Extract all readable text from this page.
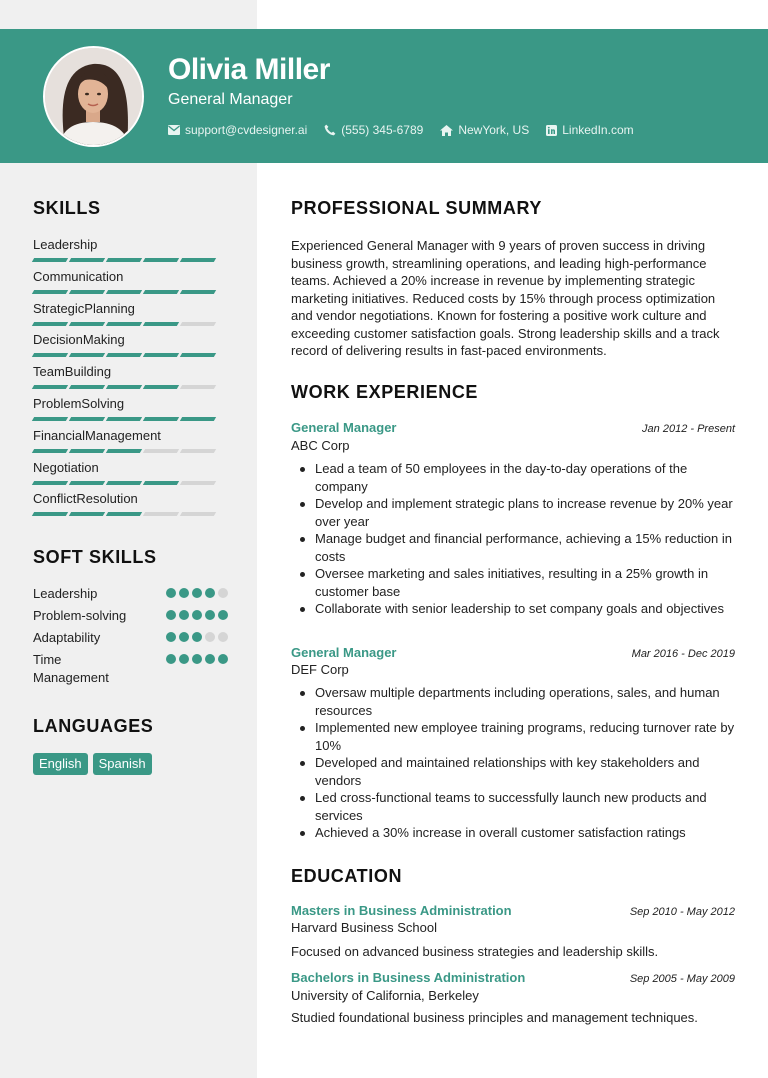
Olivia Miller
General Manager
support@cvdesigner.ai	(555) 345-6789	NewYork, US	LinkedIn.com
SKILLS
Leadership
Communication
StrategicPlanning
DecisionMaking
TeamBuilding
ProblemSolving
FinancialManagement
Negotiation
ConflictResolution
SOFT SKILLS
Leadership
Problem-solving
Adaptability
Time Management
LANGUAGES
English	Spanish
PROFESSIONAL SUMMARY
Experienced General Manager with 9 years of proven success in driving business growth, streamlining operations, and leading high-performance teams. Achieved a 20% increase in revenue by implementing strategic marketing initiatives. Reduced costs by 15% through process optimization and vendor negotiations. Known for fostering a positive work culture and exceeding customer satisfaction goals. Strong leadership skills and a track record of delivering results in fast-paced environments.
WORK EXPERIENCE
General Manager	Jan 2012 - Present
ABC Corp
Lead a team of 50 employees in the day-to-day operations of the company
Develop and implement strategic plans to increase revenue by 20% year over year
Manage budget and financial performance, achieving a 15% reduction in costs
Oversee marketing and sales initiatives, resulting in a 25% growth in customer base
Collaborate with senior leadership to set company goals and objectives
General Manager	Mar 2016 - Dec 2019
DEF Corp
Oversaw multiple departments including operations, sales, and human resources
Implemented new employee training programs, reducing turnover rate by 10%
Developed and maintained relationships with key stakeholders and vendors
Led cross-functional teams to successfully launch new products and services
Achieved a 30% increase in overall customer satisfaction ratings
EDUCATION
Masters in Business Administration	Sep 2010 - May 2012
Harvard Business School
Focused on advanced business strategies and leadership skills.
Bachelors in Business Administration	Sep 2005 - May 2009
University of California, Berkeley
Studied foundational business principles and management techniques.
